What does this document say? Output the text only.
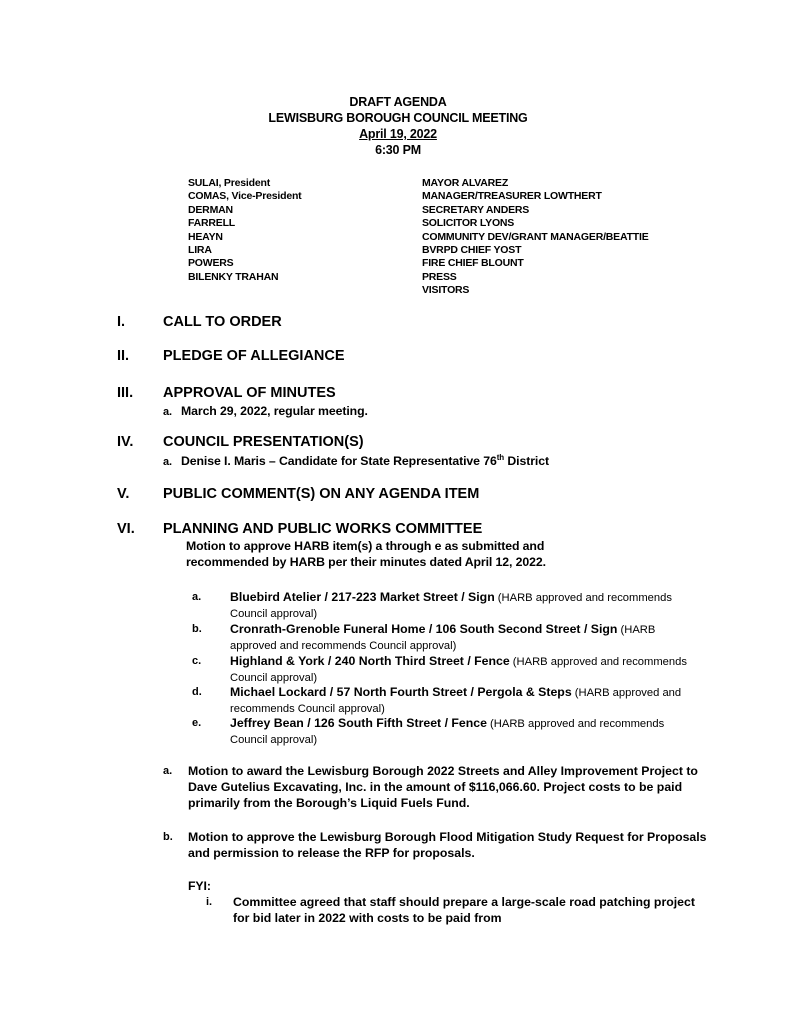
DRAFT AGENDA
LEWISBURG BOROUGH COUNCIL MEETING
April 19, 2022
6:30 PM
SULAI, President
COMAS, Vice-President
DERMAN
FARRELL
HEAYN
LIRA
POWERS
BILENKY TRAHAN
MAYOR ALVAREZ
MANAGER/TREASURER LOWTHERT
SECRETARY ANDERS
SOLICITOR LYONS
COMMUNITY DEV/GRANT MANAGER/BEATTIE
BVRPD CHIEF YOST
FIRE CHIEF BLOUNT
PRESS
VISITORS
I.	CALL TO ORDER
II. PLEDGE OF ALLEGIANCE
III. APPROVAL OF MINUTES
a. March 29, 2022, regular meeting.
IV. COUNCIL PRESENTATION(S)
a. Denise I. Maris – Candidate for State Representative 76th District
V. PUBLIC COMMENT(S) ON ANY AGENDA ITEM
VI. PLANNING AND PUBLIC WORKS COMMITTEE
Motion to approve HARB item(s) a through e as submitted and
recommended by HARB per their minutes dated April 12, 2022.
a. Bluebird Atelier / 217-223 Market Street / Sign (HARB approved and recommends Council approval)
b. Cronrath-Grenoble Funeral Home / 106 South Second Street / Sign (HARB approved and recommends Council approval)
c. Highland & York / 240 North Third Street / Fence (HARB approved and recommends Council approval)
d. Michael Lockard / 57 North Fourth Street / Pergola & Steps (HARB approved and recommends Council approval)
e. Jeffrey Bean / 126 South Fifth Street / Fence (HARB approved and recommends Council approval)
a. Motion to award the Lewisburg Borough 2022 Streets and Alley Improvement Project to Dave Gutelius Excavating, Inc. in the amount of $116,066.60. Project costs to be paid primarily from the Borough’s Liquid Fuels Fund.
b. Motion to approve the Lewisburg Borough Flood Mitigation Study Request for Proposals and permission to release the RFP for proposals.
FYI:
i. Committee agreed that staff should prepare a large-scale road patching project for bid later in 2022 with costs to be paid from
